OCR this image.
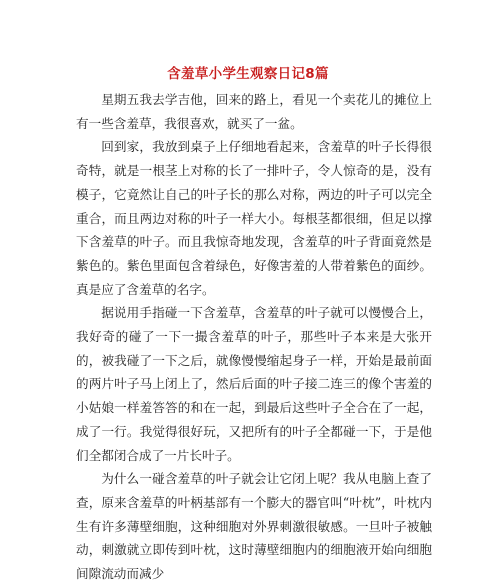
含羞草小学生观察日记8篇

星期五我去学吉他，回来的路上，看见一个卖花儿的摊位上有一些含羞草，我很喜欢，就买了一盆。

回到家，我放到桌子上仔细地看起来，含羞草的叶子长得很奇特，就是一根茎上对称的长了一排叶子，令人惊奇的是，没有模子，它竟然让自己的叶子长的那么对称，两边的叶子可以完全重合，而且两边对称的叶子一样大小。每根茎都很细，但足以撑下含羞草的叶子。而且我惊奇地发现，含羞草的叶子背面竟然是紫色的。紫色里面包含着绿色，好像害羞的人带着紫色的面纱。真是应了含羞草的名字。

据说用手指碰一下含羞草，含羞草的叶子就可以慢慢合上，我好奇的碰了一下一撮含羞草的叶子，那些叶子本来是大张开的，被我碰了一下之后，就像慢慢缩起身子一样，开始是最前面的两片叶子马上闭上了，然后后面的叶子接二连三的像个害羞的小姑娘一样羞答答的和在一起，到最后这些叶子全合在了一起，成了一行。我觉得很好玩，又把所有的叶子全都碰一下，于是他们全都闭合成了一片长叶子。

为什么一碰含羞草的叶子就会让它闭上呢？我从电脑上查了查，原来含羞草的叶柄基部有一个膨大的器官叫“叶枕”，叶枕内生有许多薄壁细胞，这种细胞对外界刺激很敏感。一旦叶子被触动，刺激就立即传到叶枕，这时薄壁细胞内的细胞液开始向细胞间隙流动而减少
